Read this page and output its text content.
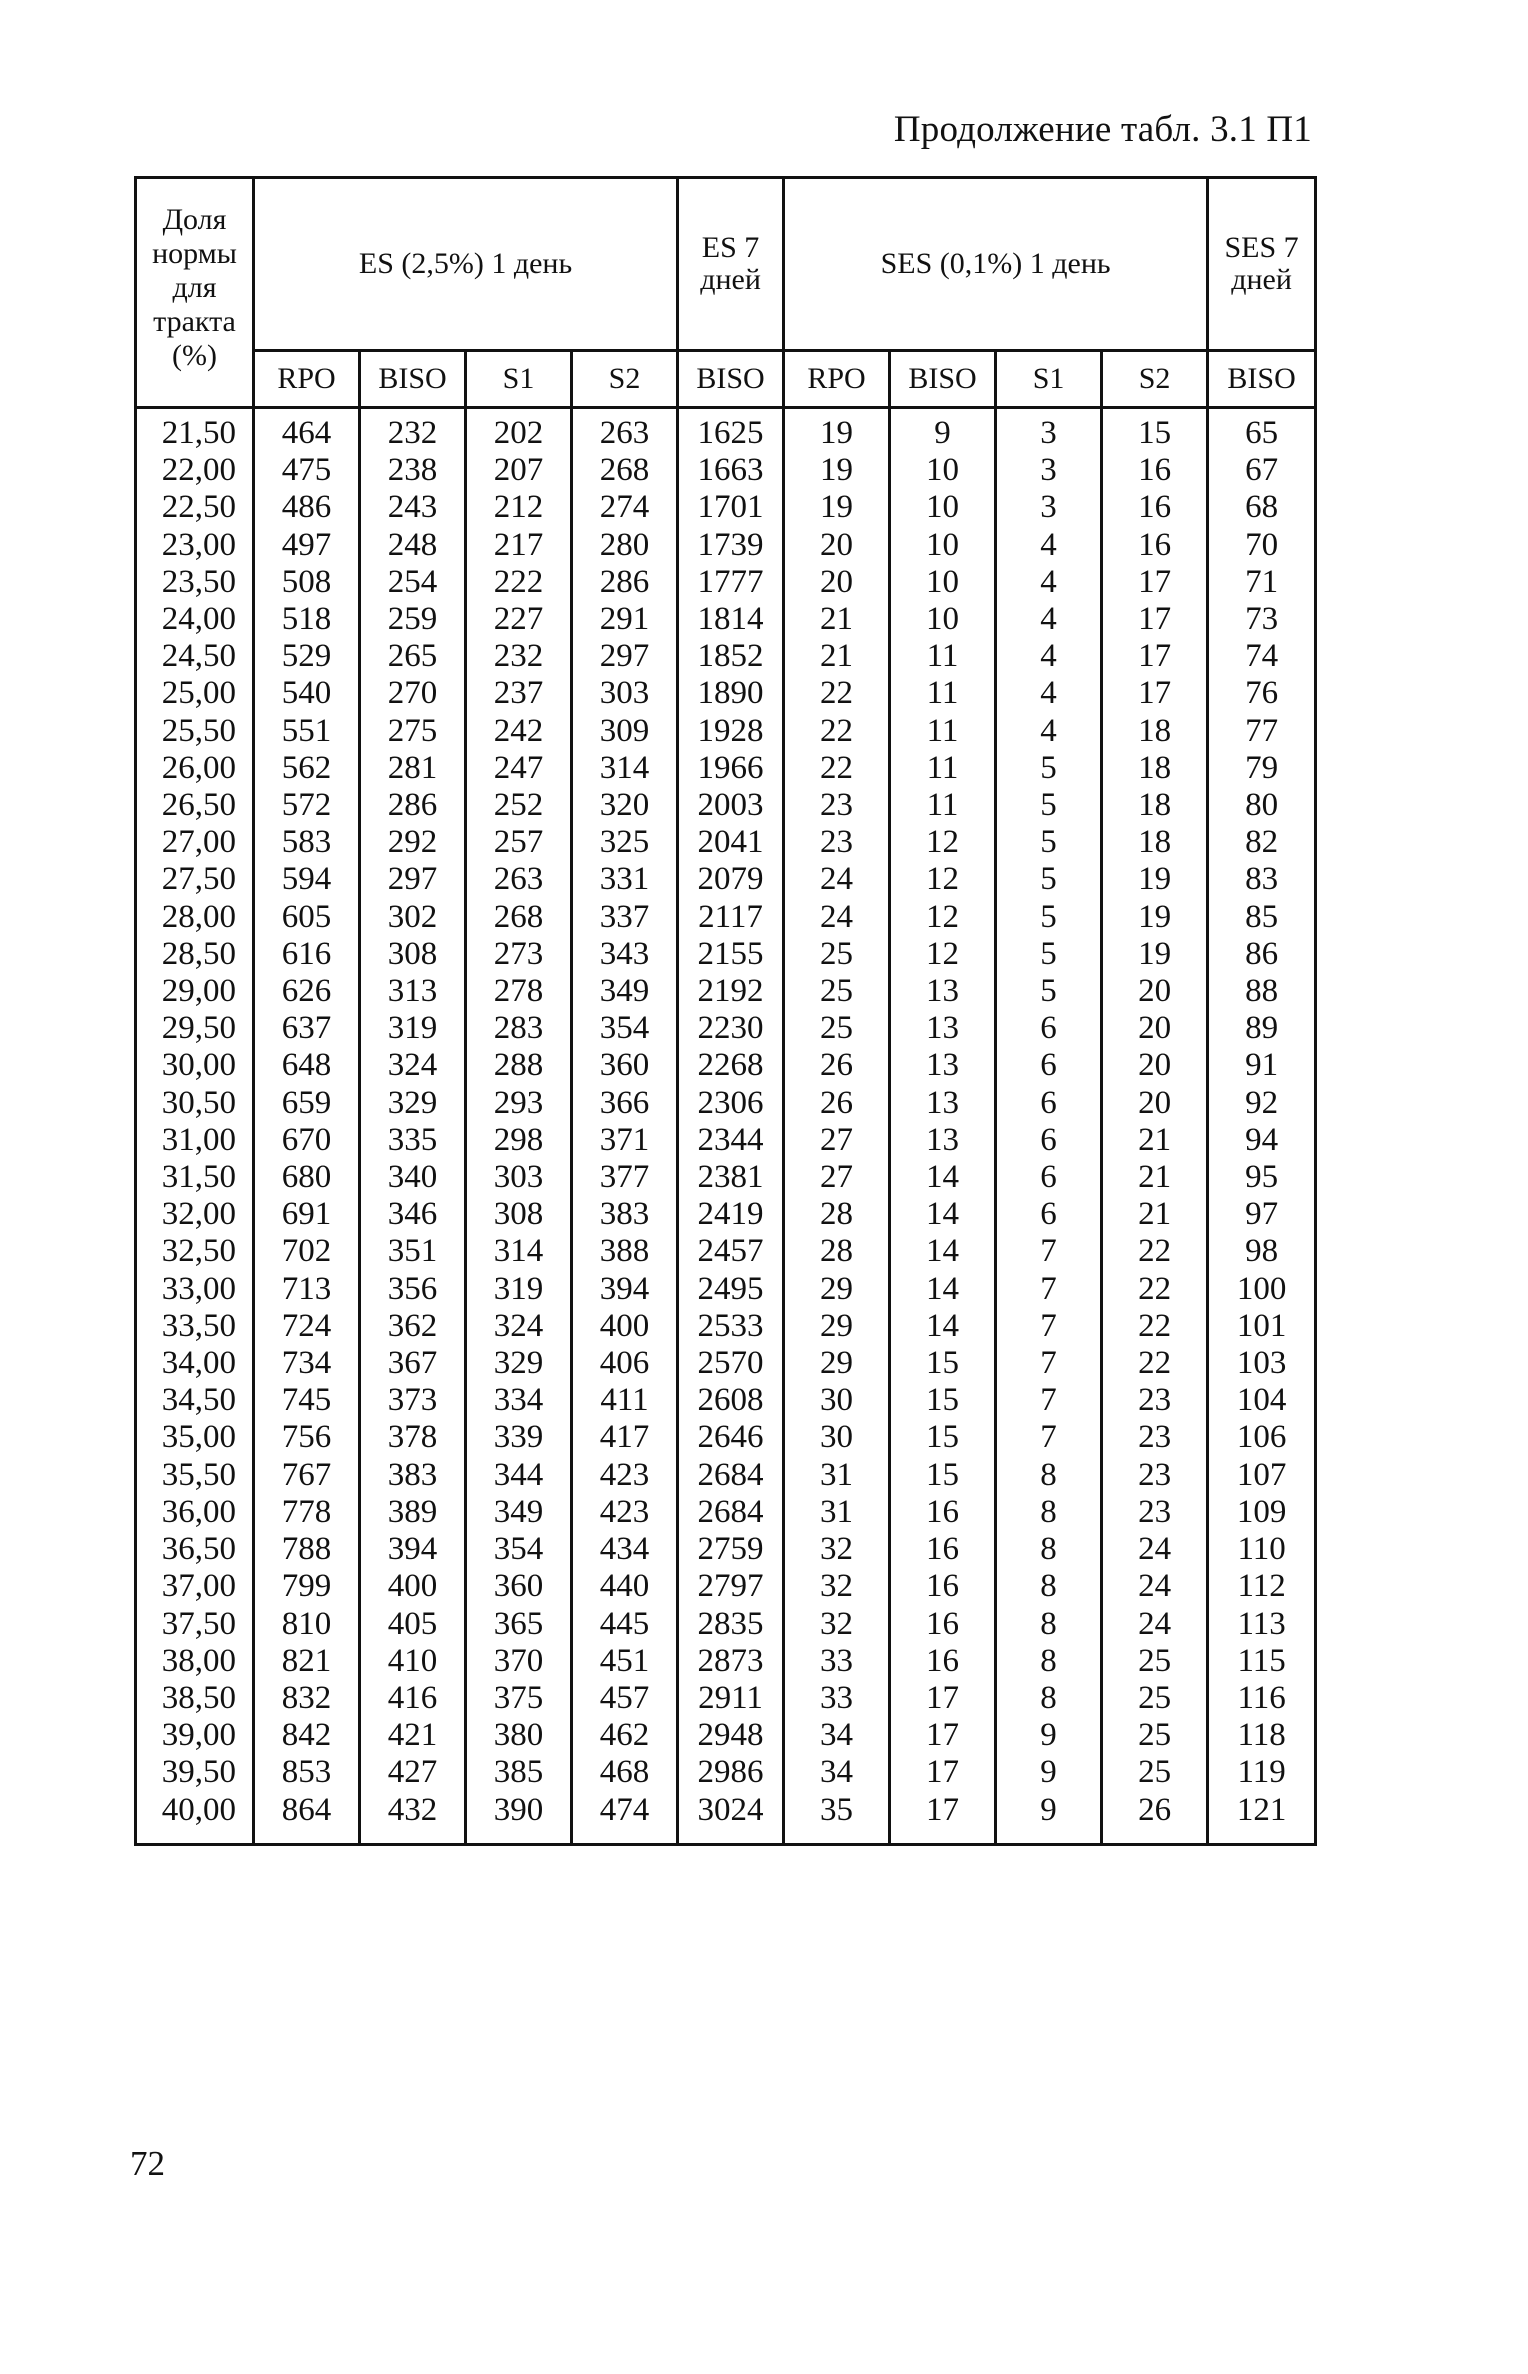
Продолжение табл. 3.1 П1
Доля нормы для тракта (%)	ES (2,5%) 1 день				ES 7 дней	SES (0,1%) 1 день				SES 7 дней
	RPO	BISO	S1	S2	BISO	RPO	BISO	S1	S2	BISO

21,50	464	232	202	263	1625	19	9	3	15	65
22,00	475	238	207	268	1663	19	10	3	16	67
22,50	486	243	212	274	1701	19	10	3	16	68
23,00	497	248	217	280	1739	20	10	4	16	70
23,50	508	254	222	286	1777	20	10	4	17	71
24,00	518	259	227	291	1814	21	10	4	17	73
24,50	529	265	232	297	1852	21	11	4	17	74
25,00	540	270	237	303	1890	22	11	4	17	76
25,50	551	275	242	309	1928	22	11	4	18	77
26,00	562	281	247	314	1966	22	11	5	18	79
26,50	572	286	252	320	2003	23	11	5	18	80
27,00	583	292	257	325	2041	23	12	5	18	82
27,50	594	297	263	331	2079	24	12	5	19	83
28,00	605	302	268	337	2117	24	12	5	19	85
28,50	616	308	273	343	2155	25	12	5	19	86
29,00	626	313	278	349	2192	25	13	5	20	88
29,50	637	319	283	354	2230	25	13	6	20	89
30,00	648	324	288	360	2268	26	13	6	20	91
30,50	659	329	293	366	2306	26	13	6	20	92
31,00	670	335	298	371	2344	27	13	6	21	94
31,50	680	340	303	377	2381	27	14	6	21	95
32,00	691	346	308	383	2419	28	14	6	21	97
32,50	702	351	314	388	2457	28	14	7	22	98
33,00	713	356	319	394	2495	29	14	7	22	100
33,50	724	362	324	400	2533	29	14	7	22	101
34,00	734	367	329	406	2570	29	15	7	22	103
34,50	745	373	334	411	2608	30	15	7	23	104
35,00	756	378	339	417	2646	30	15	7	23	106
35,50	767	383	344	423	2684	31	15	8	23	107
36,00	778	389	349	423	2684	31	16	8	23	109
36,50	788	394	354	434	2759	32	16	8	24	110
37,00	799	400	360	440	2797	32	16	8	24	112
37,50	810	405	365	445	2835	32	16	8	24	113
38,00	821	410	370	451	2873	33	16	8	25	115
38,50	832	416	375	457	2911	33	17	8	25	116
39,00	842	421	380	462	2948	34	17	9	25	118
39,50	853	427	385	468	2986	34	17	9	25	119
40,00	864	432	390	474	3024	35	17	9	26	121

72
